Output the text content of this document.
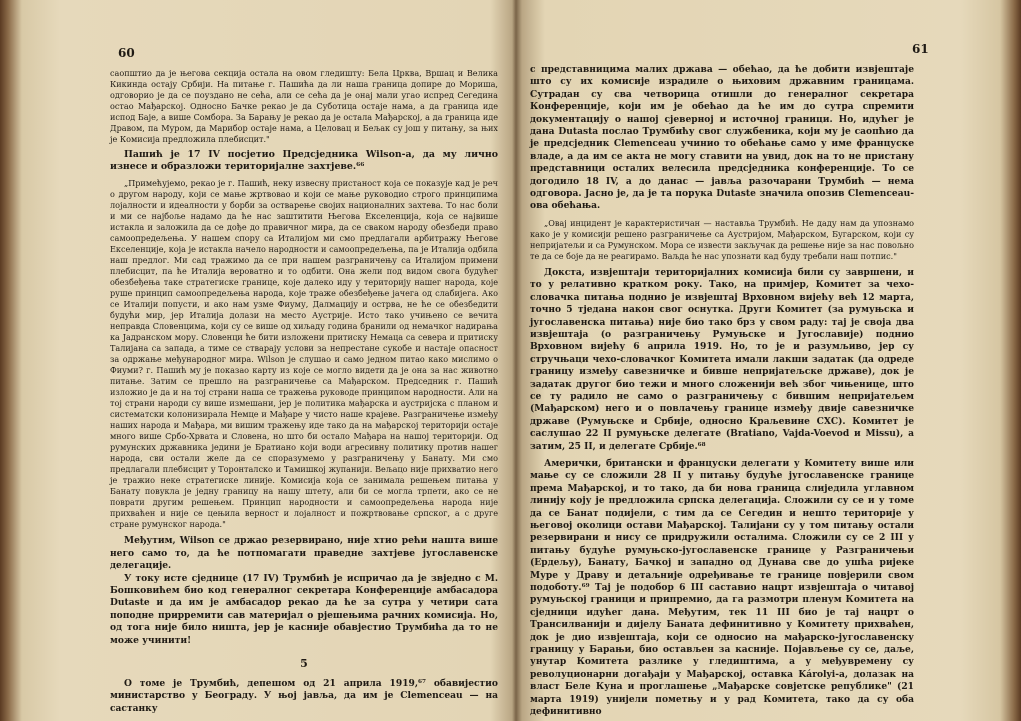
60

саопштио да је његова секција остала на овом гледишту: Бела Црква, Вршац и Велика Кикинда остају Србији. На питање г. Пашића да ли наша граница допире до Мориша, одговорио је да се поуздано не сећа, али се сећа да је онај мали угао испред Сегедина остао Мађарској. Односно Бачке рекао је да Суботица остаје нама, а да граница иде испод Баје, а више Сомбора. За Барању је рекао да је остала Мађарској, а да граница иде Дравом, па Муром, да Марибор остаје нама, а Целовац и Бељак су још у питању, за њих је Комисија предложила плебисцит."

Пашић је 17 IV посјетио Предсједника Wilson-а, да му лично изнесе и образложи територијалне захтјеве.⁶⁶

„Примећујемо, рекао је г. Пашић, неку извесну пристаност која се показује кад је реч о другом народу, који се мање жртвовао и који се мање руководио строго принципима лојалности и идеалности у борби за остварење својих националних захтева. То нас боли и ми се најбоље надамо да ће нас заштитити Његова Екселенција, која се највише истакла и заложила да се дође до правичног мира, да се сваком народу обезбеди право самоопредељења. У нашем спору са Италијом ми смо предлагали арбитражу Његове Екселенције, која је истакла начело народности и самоопредељења, па је Италија одбила наш предлог. Ми сад тражимо да се при нашем разграничењу са Италијом примени плебисцит, па ће Италија вероватно и то одбити. Она жели под видом свога будућег обезбеђења таке стратегиске границе, које далеко иду у територију нашег народа, које руше принцип самоопредељења народа, које траже обезбеђење јачега од слабијега. Ако се Италији попусти, и ако нам узме Фиуму, Далмацију и острва, не ће се обезбедити будући мир, јер Италија долази на место Аустрије. Исто тако учињено се вечита неправда Словенцима, који су се више од хиљаду година бранили од немачког надирања ка Јадранском мору. Словенци ће бити изложени притиску Немаца са севера и притиску Талијана са запада, а тиме се стварају услови за непрестане сукобе и настаје опасност за одржање међународног мира. Wilson је слушао и само једном питао како мислимо о Фиуми? г. Пашић му је показао карту из које се могло видети да је она за нас животно питање. Затим се прешло на разграничење са Мађарском. Председник г. Пашић изложио је да и на тој страни наша се тражења руководе принципом народности. Али на тој страни народи су више измешани, јер је политика мађарска и аустријска с планом и систематски колонизирала Немце и Мађаре у чисто наше крајеве. Разграничење између наших народа и Мађара, ми вишим тражењу иде тако да на мађарској територији остаје много више Србо-Хрвата и Словена, но што би остало Мађара на нашој територији. Од румунских државника једини је Братиано који води агресивну политику против нашег народа, сви остали желе да се споразумемо у разграничењу у Банату. Ми смо предлагали плебисцит у Торонталско и Тамишкој жупанији. Вељацо није прихватио него је тражио неке стратегиске линије. Комисија која се занимала решењем питања у Банату повукла је једну границу на нашу штету, али би се могла трпети, ако се не поврати другим решењем. Принцип народности и самоопредељења народа није прихваћен и није се цењила верност и лојалност и пожртвовање српског, а с друге стране румунског народа."

Међутим, Wilson се држао резервирано, није хтио рећи нашта више него само то, да ће потпомагати праведне захтјеве југославенске делегације.

У току исте сједнице (17 IV) Трумбић је испричао да је звједно с М. Бошковићем био код генералног секретара Конференције амбасадора Dutaste и да им је амбасадор рекао да ће за сутра у четири сата поподне приpремити сав материјал о рјешењима рачних комисија. Но, од тога није било ништа, јер је касније обавјестио Трумбића да то не може учинити!

5

О томе је Трумбић, депешом од 21 априла 1919,⁶⁷ обавијестио министарство у Београду. У њој јавља, да им је Clemenceau — на састанку

61

с представницима малих држава — обећао, да ће добити извјештаје што су их комисије израдиле о њиховим државним границама. Сутрадан су сва четворица отишли до генералног секретара Конференције, који им је обећао да ће им до сутра спремити документацију о нашој сјеверној и источној граници. Но, идућег је дана Dutasta послао Трумбићу свог службеника, који му је саопћио да је предсједник Clemenceau учинио то обећање само у име француске владе, а да им се акта не могу ставити на увид, док на то не пристану представници осталих велесила предсједника конференције. То се догодило 18 IV, а до данас — јавља разочарани Трумбић — нема одговора. Јасно је, да је та порука Dutaste значила опозив Clemenceau-ова обећања.

„Овај инцидент је карактеристичан — наставља Трумбић. Не даду нам да упознамо како је у комисији решено разграничење са Аустријом, Мађарском, Бугарском, који су непријатељи и са Румунском. Мора се извести закључак да решење није за нас повољно те да се боје да не реагирамо. Ваљда ће нас упознати кад буду требали наш потпис."

Докста, извјештаји територијалних комисија били су завршени, и то у релативно кратком року. Тако, на примјер, Комитет за чехо-словачка питања поднио је извјештај Врховном вијећу већ 12 марта, точно 5 тједана након свог оснутка. Други Комитет (за румуњска и југославенска питања) није био тако брз у свом раду: тај је своја два извјештаја (о разграничењу Румуњске и Југославије) поднио Врховном вијећу 6 априла 1919. Но, то је и разумљиво, јер су стручњаци чехо-словачког Комитета имали лакши задатак (да одреде границу између савезничке и бивше непријатељске државе), док је задатак другог био тежи и много сложенији већ због чињенице, што се ту радило не само о разграничењу с бившим непријатељем (Мађарском) него и о повлачењу границе између двије савезничке државе (Румуњске и Србије, односно Краљевине СХС). Комитет је саслушао 22 II румуњске делегате (Bratiano, Vajda-Voevod и Missu), а затим, 25 II, и делегате Србије.⁶⁸

Амерички, британски и француски делегати у Комитету више или мање су се сложили 28 II у питању будуће југославенске границе према Мађарској, и то тако, да би нова граница слиједила углавном линију коју је предложила српска делегација. Сложили су се и у томе да се Банат подијели, с тим да се Сегедин и нешто територије у његовој околици остави Мађарској. Талијани су у том питању остали резервирани и нису се придружили осталима. Сложили су се 2 III у питању будуће румуњско-југославенске границе у Разграничењи (Ердељу), Банату, Бачкој и западно од Дунава све до ушћа ријеке Муре у Драву и детаљније одређивање те границе повјерили свом подоботу.⁶⁹ Тај је подобор 6 III саставио нацрт извјештаја о читавој румуњској граници и припремио, да га размотри пленум Комитета на сједници идућег дана. Међутим, тек 11 III био је тај нацрт о Трансилванији и дијелу Баната дефинитивно у Комитету прихваћен, док је дио извјештаја, који се односио на мађарско-југославенску границу у Барањи, био остављен за касније. Појављење су се, даље, унутар Комитета разлике у гледиштима, а у међувремену су револуционарни догађаји у Мађарској, оставка Károlyi-а, долазак на власт Беле Куна и проглашење „Мађарске совјетске републике" (21 марта 1919) унијели пометњу и у рад Комитета, тако да су оба дефинитивно
